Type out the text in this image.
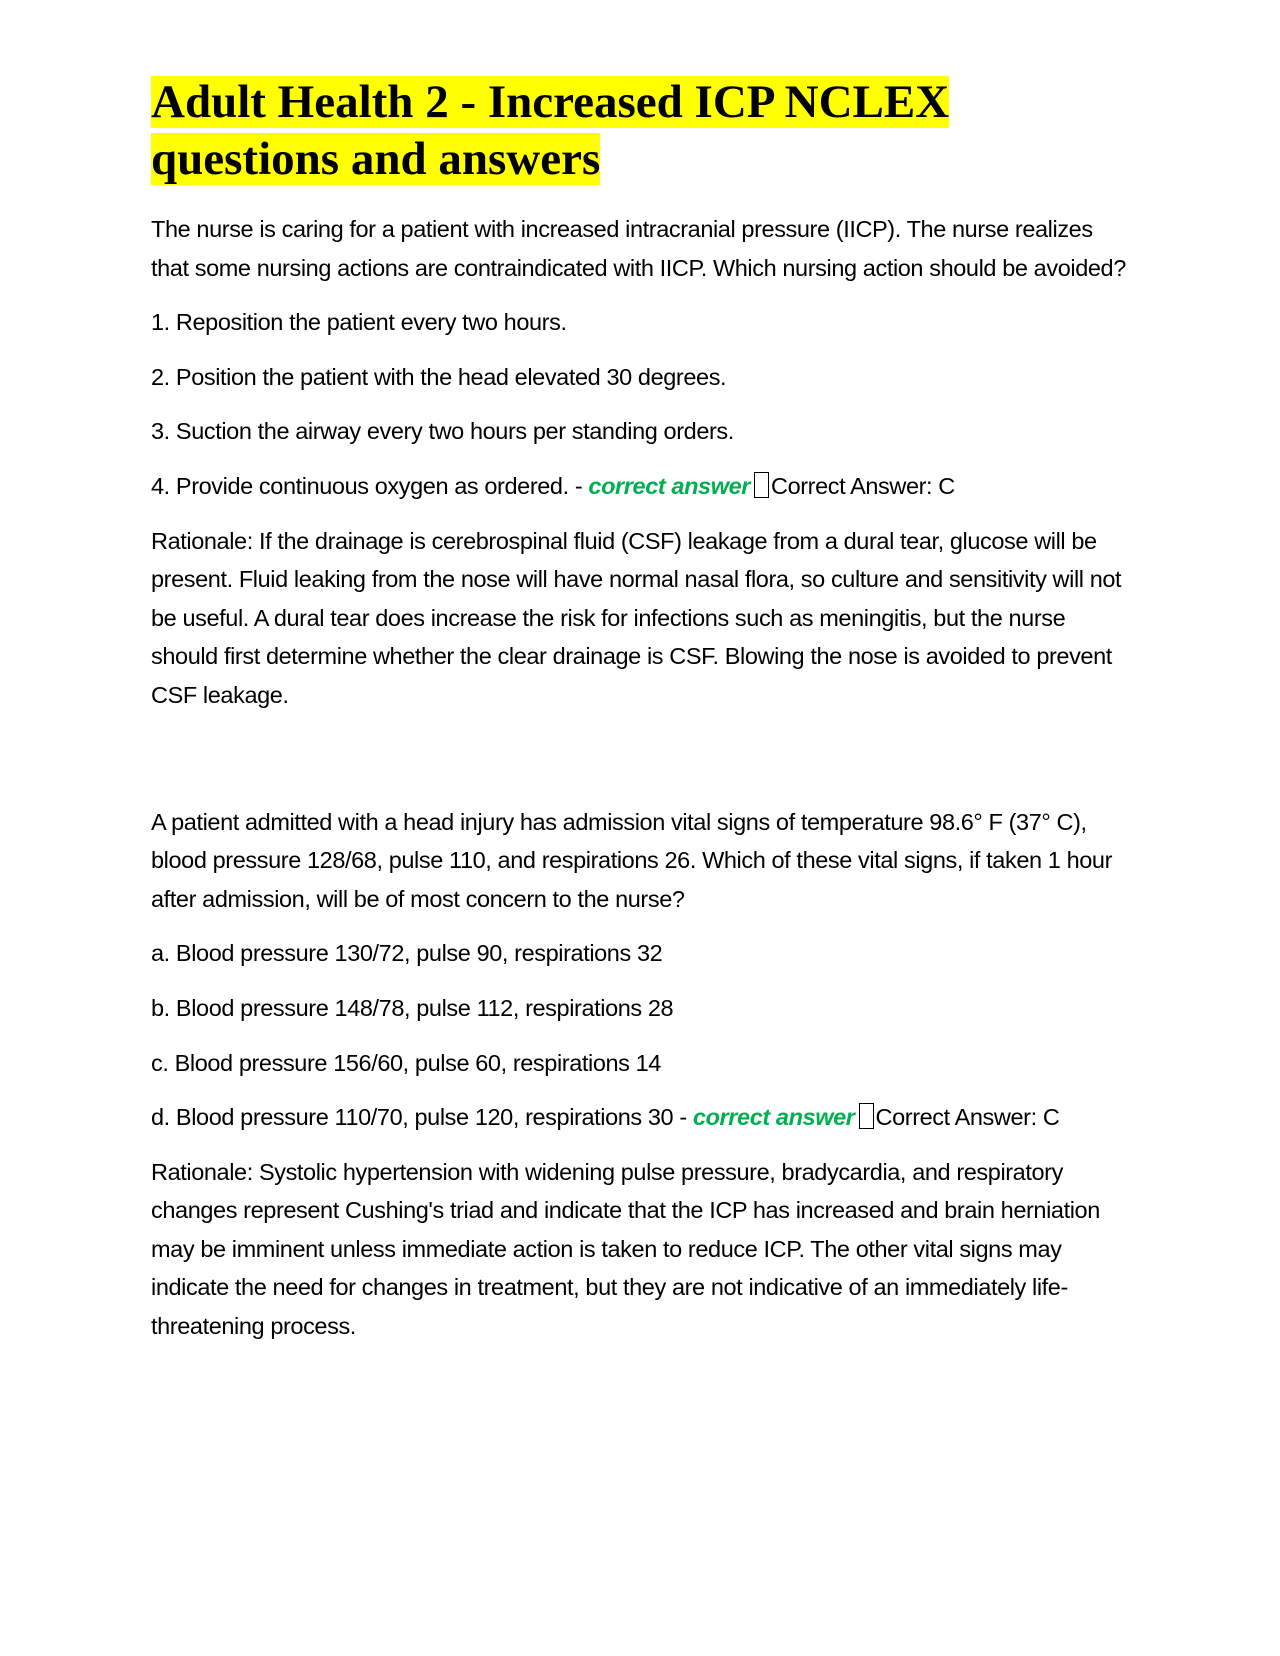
Adult Health 2 - Increased ICP NCLEX questions and answers

The nurse is caring for a patient with increased intracranial pressure (IICP). The nurse realizes that some nursing actions are contraindicated with IICP. Which nursing action should be avoided?

1. Reposition the patient every two hours.

2. Position the patient with the head elevated 30 degrees.

3. Suction the airway every two hours per standing orders.

4. Provide continuous oxygen as ordered. - correct answer Correct Answer: C

Rationale: If the drainage is cerebrospinal fluid (CSF) leakage from a dural tear, glucose will be present. Fluid leaking from the nose will have normal nasal flora, so culture and sensitivity will not be useful. A dural tear does increase the risk for infections such as meningitis, but the nurse should first determine whether the clear drainage is CSF. Blowing the nose is avoided to prevent CSF leakage.

A patient admitted with a head injury has admission vital signs of temperature 98.6° F (37° C), blood pressure 128/68, pulse 110, and respirations 26. Which of these vital signs, if taken 1 hour after admission, will be of most concern to the nurse?

a. Blood pressure 130/72, pulse 90, respirations 32

b. Blood pressure 148/78, pulse 112, respirations 28

c. Blood pressure 156/60, pulse 60, respirations 14

d. Blood pressure 110/70, pulse 120, respirations 30 - correct answer Correct Answer: C

Rationale: Systolic hypertension with widening pulse pressure, bradycardia, and respiratory changes represent Cushing's triad and indicate that the ICP has increased and brain herniation may be imminent unless immediate action is taken to reduce ICP. The other vital signs may indicate the need for changes in treatment, but they are not indicative of an immediately life-threatening process.
